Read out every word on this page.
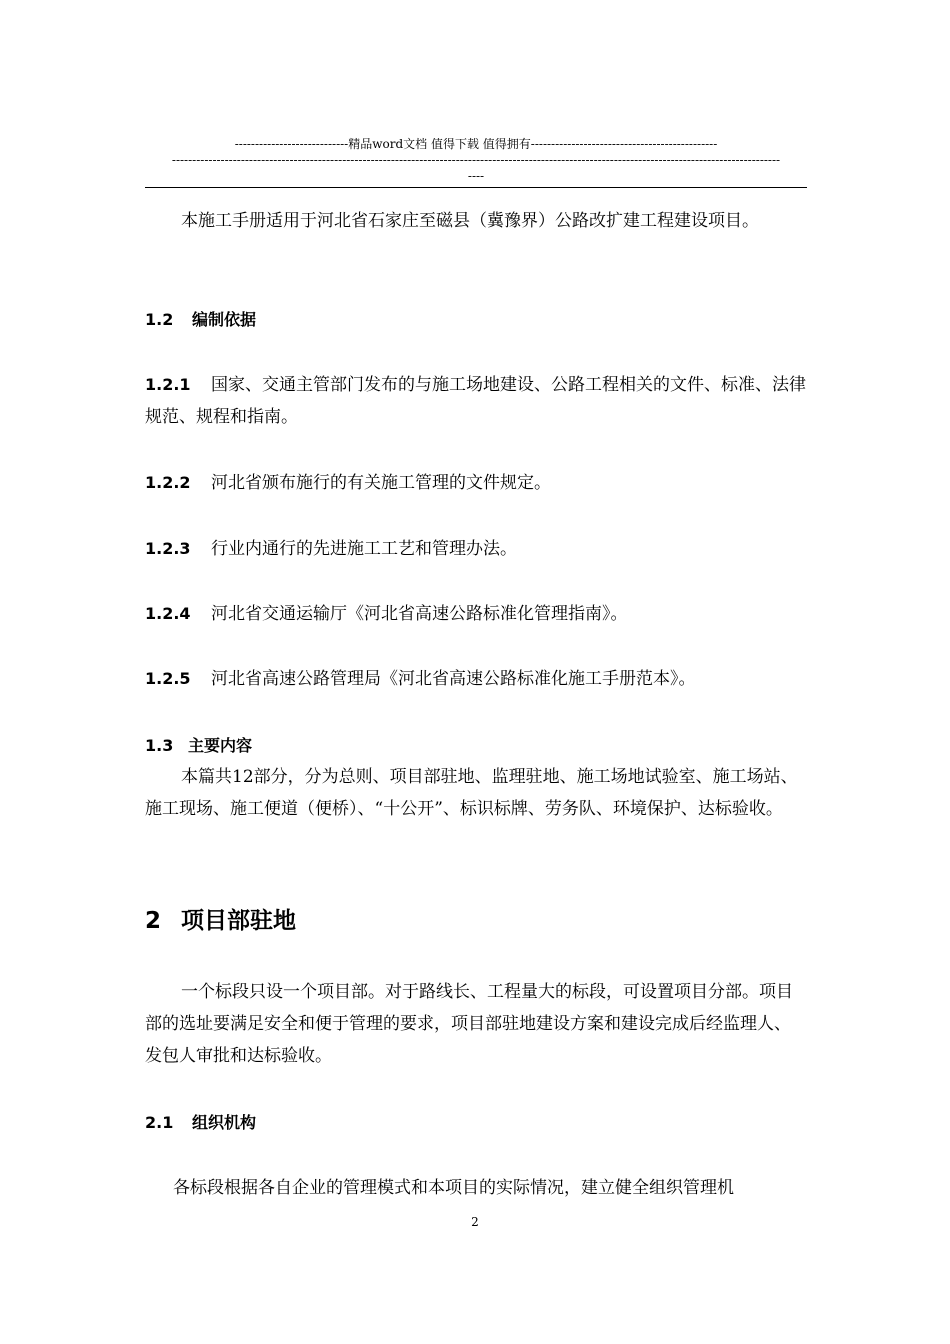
----------------------------精品word文档 值得下载 值得拥有----------------------------------------------
------------------------------------------------------------------------------------------------------------------------------------------------------
----

本施工手册适用于河北省石家庄至磁县（冀豫界）公路改扩建工程建设项目。

1.2 编制依据

1.2.1 国家、交通主管部门发布的与施工场地建设、公路工程相关的文件、标准、法律规范、规程和指南。

1.2.2 河北省颁布施行的有关施工管理的文件规定。

1.2.3 行业内通行的先进施工工艺和管理办法。

1.2.4 河北省交通运输厅《河北省高速公路标准化管理指南》。

1.2.5 河北省高速公路管理局《河北省高速公路标准化施工手册范本》。

1.3 主要内容

本篇共12部分，分为总则、项目部驻地、监理驻地、施工场地试验室、施工场站、施工现场、施工便道（便桥）、“十公开”、标识标牌、劳务队、环境保护、达标验收。

2 项目部驻地

一个标段只设一个项目部。对于路线长、工程量大的标段，可设置项目分部。项目部的选址要满足安全和便于管理的要求，项目部驻地建设方案和建设完成后经监理人、发包人审批和达标验收。

2.1 组织机构

各标段根据各自企业的管理模式和本项目的实际情况，建立健全组织管理机

2
